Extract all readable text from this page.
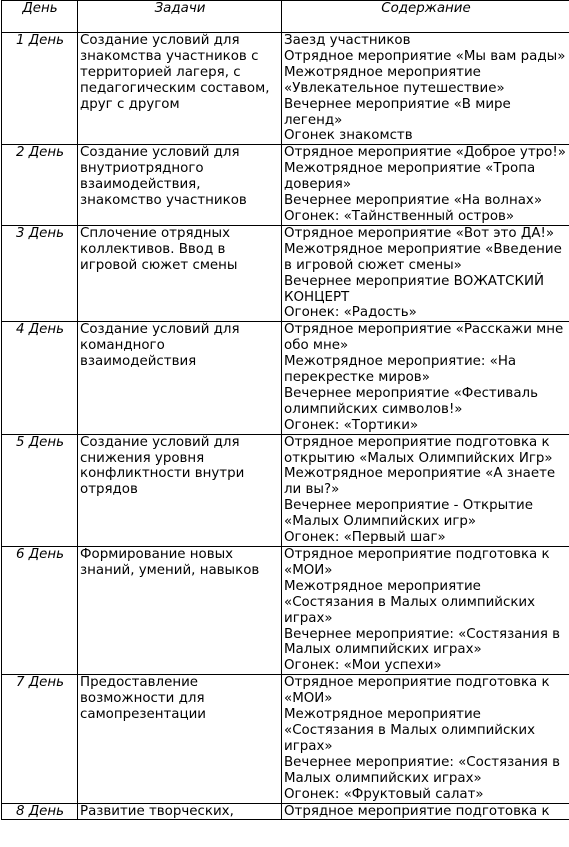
День	Задачи	Содержание
1 День	Создание условий для знакомства участников с территорией лагеря, с педагогическим составом, друг с другом	Заезд участников
Отрядное мероприятие «Мы вам рады»
Межотрядное мероприятие «Увлекательное путешествие»
Вечернее мероприятие «В мире легенд»
Огонек знакомств

2 День	Создание условий для внутриотрядного взаимодействия, знакомство участников	Отрядное мероприятие «Доброе утро!»
Межотрядное мероприятие «Тропа доверия»
Вечернее мероприятие «На волнах»
Огонек: «Тайнственный остров»

3 День	Сплочение отрядных коллективов. Ввод в игровой сюжет смены	Отрядное мероприятие «Вот это ДА!»
Межотрядное мероприятие «Введение в игровой сюжет смены»
Вечернее мероприятие ВОЖАТСКИЙ КОНЦЕРТ
Огонек: «Радость»

4 День	Создание условий для командного взаимодействия	Отрядное мероприятие «Расскажи мне обо мне»
Межотрядное мероприятие: «На перекрестке миров»
Вечернее мероприятие «Фестиваль олимпийских символов!»
Огонек: «Тортики»

5 День	Создание условий для снижения уровня конфликтности внутри отрядов	Отрядное мероприятие подготовка к открытию «Малых Олимпийских Игр»
Межотрядное мероприятие «А знаете ли вы?»
Вечернее мероприятие - Открытие «Малых Олимпийских игр»
Огонек: «Первый шаг»

6 День	Формирование новых знаний, умений, навыков	Отрядное мероприятие подготовка к «МОИ»
Межотрядное мероприятие «Состязания в Малых олимпийских играх»
Вечернее мероприятие: «Состязания в Малых олимпийских играх»
Огонек: «Мои успехи»

7 День	Предоставление возможности для самопрезентации	Отрядное мероприятие подготовка к «МОИ»
Межотрядное мероприятие «Состязания в Малых олимпийских играх»
Вечернее мероприятие: «Состязания в Малых олимпийских играх»
Огонек: «Фруктовый салат»

8 День	Развитие творческих,	Отрядное мероприятие подготовка к
